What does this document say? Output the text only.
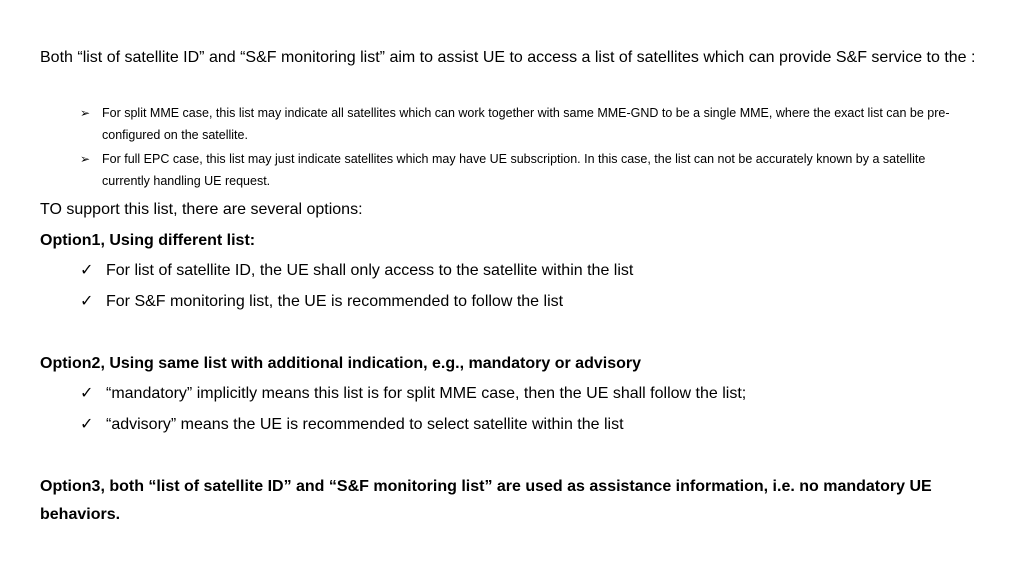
Both “list of satellite ID” and “S&F monitoring list” aim to assist UE to access a list of satellites which can provide S&F service to the :

➢ For split MME case, this list may indicate all satellites which can work together with same MME-GND to be a single MME, where the exact list can be pre-configured on the satellite.
➢ For full EPC case, this list may just indicate satellites which may have UE subscription. In this case, the list can not be accurately known by a satellite currently handling UE request.

TO support this list, there are several options:

Option1, Using different list:

✓ For list of satellite ID, the UE shall only access to the satellite within the list
✓ For S&F monitoring list, the UE is recommended to follow the list

Option2, Using same list with additional indication, e.g., mandatory or advisory

✓ “mandatory” implicitly means this list is for split MME case, then the UE shall follow the list;
✓ “advisory” means the UE is recommended to select satellite within the list

Option3, both “list of satellite ID” and “S&F monitoring list” are used as assistance information, i.e. no mandatory UE behaviors.
